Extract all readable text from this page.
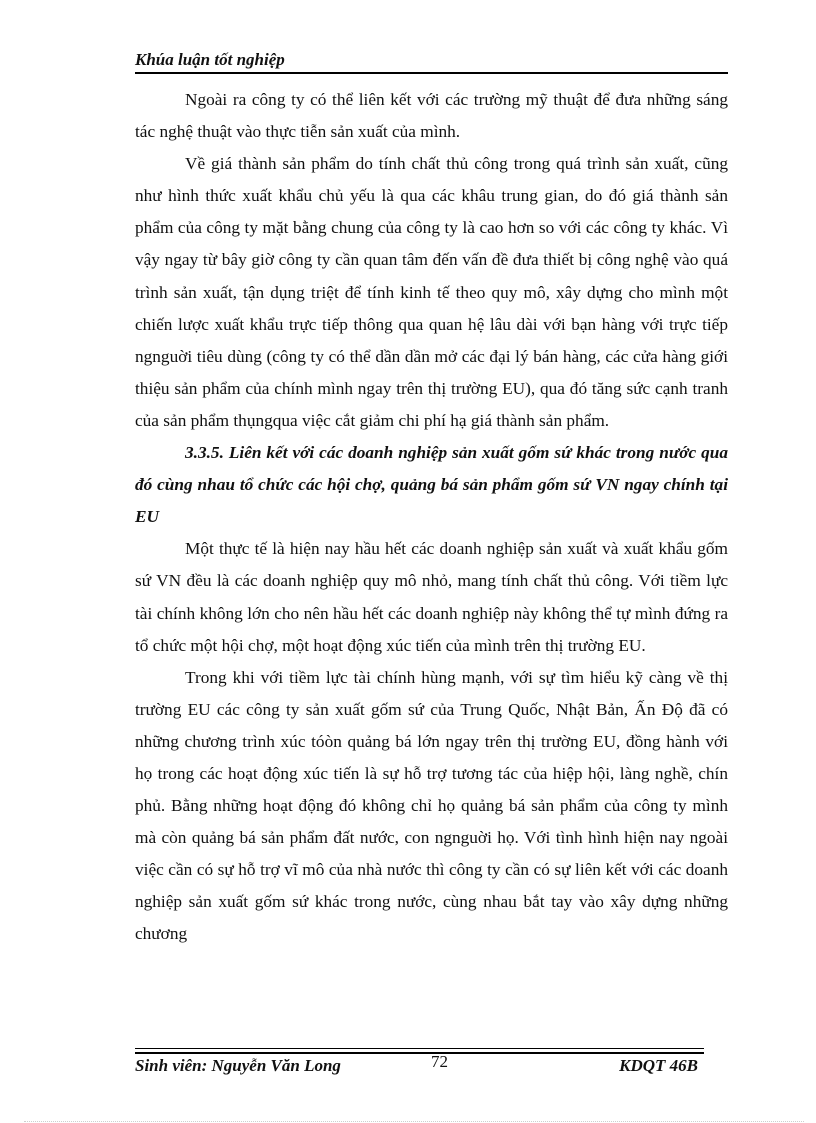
Khúa luận tốt nghiệp

Ngoài ra công ty có thể liên kết với các trường mỹ thuật để đưa những sáng tác nghệ thuật vào thực tiễn sản xuất của mình.

Về giá thành sản phẩm do tính chất thủ công trong quá trình sản xuất, cũng như hình thức xuất khẩu chủ yếu là qua các khâu trung gian, do đó giá thành sản phẩm của công ty mặt bằng chung của công ty là cao hơn so với các công ty khác. Vì vậy ngay từ bây giờ công ty cần quan tâm đến vấn đề đưa thiết bị công nghệ vào quá trình sản xuất, tận dụng triệt để tính kinh tế theo quy mô, xây dựng cho mình một chiến lược xuất khẩu trực tiếp thông qua quan hệ lâu dài với bạn hàng với trực tiếp ngnguời tiêu dùng (công ty có thể dần dần mở các đại lý bán hàng, các cửa hàng giới thiệu sản phẩm của chính mình ngay trên thị trường EU), qua đó tăng sức cạnh tranh của sản phẩm thụngqua việc cắt giảm chi phí hạ giá thành sản phẩm.

3.3.5. Liên kết với các doanh nghiệp sản xuất gốm sứ khác trong nước qua đó cùng nhau tổ chức các hội chợ, quảng bá sản phẩm gốm sứ VN ngay chính tại EU

Một thực tế là hiện nay hầu hết các doanh nghiệp sản xuất và xuất khẩu gốm sứ VN đều là các doanh nghiệp quy mô nhỏ, mang tính chất thủ công. Với tiềm lực tài chính không lớn cho nên hầu hết các doanh nghiệp này không thể tự mình đứng ra tổ chức một hội chợ, một hoạt động xúc tiến của mình trên thị trường EU.

Trong khi với tiềm lực tài chính hùng mạnh, với sự tìm hiểu kỹ càng về thị trường EU các công ty sản xuất gốm sứ của Trung Quốc, Nhật Bản, Ấn Độ đã có những chương trình xúc tóòn quảng bá lớn ngay trên thị trường EU, đồng hành với họ trong các hoạt động xúc tiến là sự hỗ trợ tương tác của hiệp hội, làng nghề, chín phủ. Bằng những hoạt động đó không chỉ họ quảng bá sản phẩm của công ty mình mà còn quảng bá sản phẩm đất nước, con ngnguời họ. Với tình hình hiện nay ngoài việc cần có sự hỗ trợ vĩ mô của nhà nước thì công ty cần có sự liên kết với các doanh nghiệp sản xuất gốm sứ khác trong nước, cùng nhau bắt tay vào xây dựng những chương

Sinh viên: Nguyễn Văn Long	72	KDQT 46B
